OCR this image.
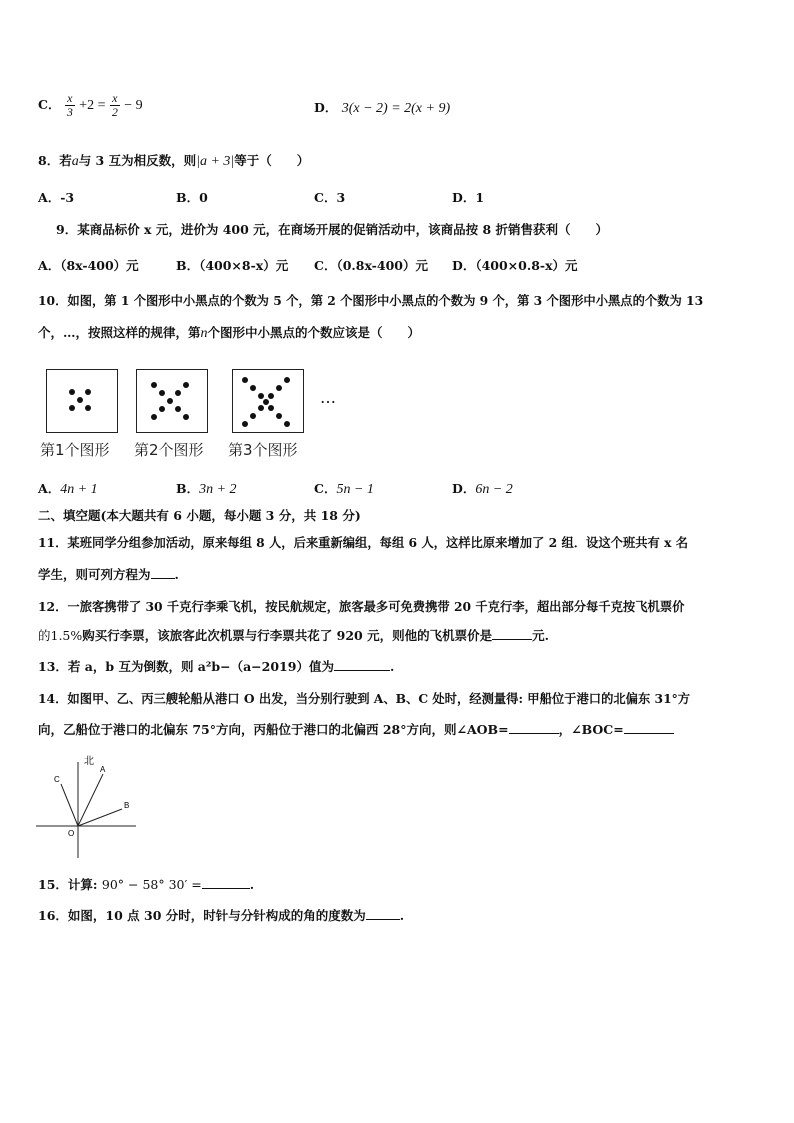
C． $\frac{x}{3} +2 = \frac{x}{2} - 9$	D． 3(x − 2) = 2(x + 9)
8．若a与 3 互为相反数，则|a + 3|等于（　　）
A．-3	B．0	C．3	D．1
9．某商品标价 x 元，进价为 400 元，在商场开展的促销活动中，该商品按 8 折销售获利（　　）
A．（8x-400）元	B．（400×8-x）元 C．（0.8x-400）元 D．（400×0.8-x）元
10．如图，第 1 个图形中小黑点的个数为 5 个，第 2 个图形中小黑点的个数为 9 个，第 3 个图形中小黑点的个数为 13
个，…，按照这样的规律，第n个图形中小黑点的个数应该是（　　）
…
第1个图形 第2个图形 第3个图形
A．4n + 1	B．3n + 2	C．5n − 1	D．6n − 2
二、填空题(本大题共有 6 小题，每小题 3 分，共 18 分)
11．某班同学分组参加活动，原来每组 8 人，后来重新编组，每组 6 人，这样比原来增加了 2 组．设这个班共有 x 名
学生，则可列方程为 .
12．一旅客携带了 30 千克行李乘飞机，按民航规定，旅客最多可免费携带 20 千克行李，超出部分每千克按飞机票价
的1.5%购买行李票，该旅客此次机票与行李票共花了 920 元，则他的飞机票价是	元.
13．若 a，b 互为倒数，则 a²b−（a−2019）值为	.
14．如图甲、乙、丙三艘轮船从港口 O 出发，当分别行驶到 A、B、C 处时，经测量得: 甲船位于港口的北偏东 31°方
向，乙船位于港口的北偏东 75°方向，丙船位于港口的北偏西 28°方向，则∠AOB=	，∠BOC=
北
A
B
C
O
15．计算: 90° − 58° 30′ =	.
16．如图，10 点 30 分时，时针与分针构成的角的度数为	.
